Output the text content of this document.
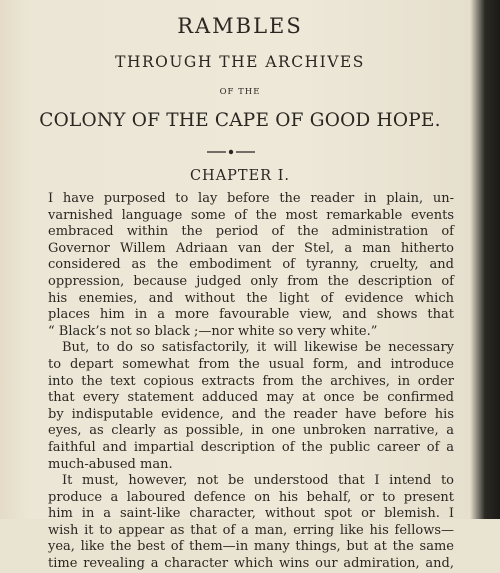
RAMBLES
THROUGH THE ARCHIVES
OF THE
COLONY OF THE CAPE OF GOOD HOPE.
CHAPTER I.
I have purposed to lay before the reader in plain, un-
varnished language some of the most remarkable events
embraced within the period of the administration of
Governor Willem Adriaan van der Stel, a man hitherto
considered as the embodiment of tyranny, cruelty, and
oppression, because judged only from the description of
his enemies, and without the light of evidence which
places him in a more favourable view, and shows that
“ Black’s not so black ;—nor white so very white.”
But, to do so satisfactorily, it will likewise be necessary
to depart somewhat from the usual form, and introduce
into the text copious extracts from the archives, in order
that every statement adduced may at once be confirmed
by indisputable evidence, and the reader have before his
eyes, as clearly as possible, in one unbroken narrative, a
faithful and impartial description of the public career of a
much-abused man.
It must, however, not be understood that I intend to
produce a laboured defence on his behalf, or to present
him in a saint-like character, without spot or blemish. I
wish it to appear as that of a man, erring like his fellows—
yea, like the best of them—in many things, but at the same
time revealing a character which wins our admiration, and,
